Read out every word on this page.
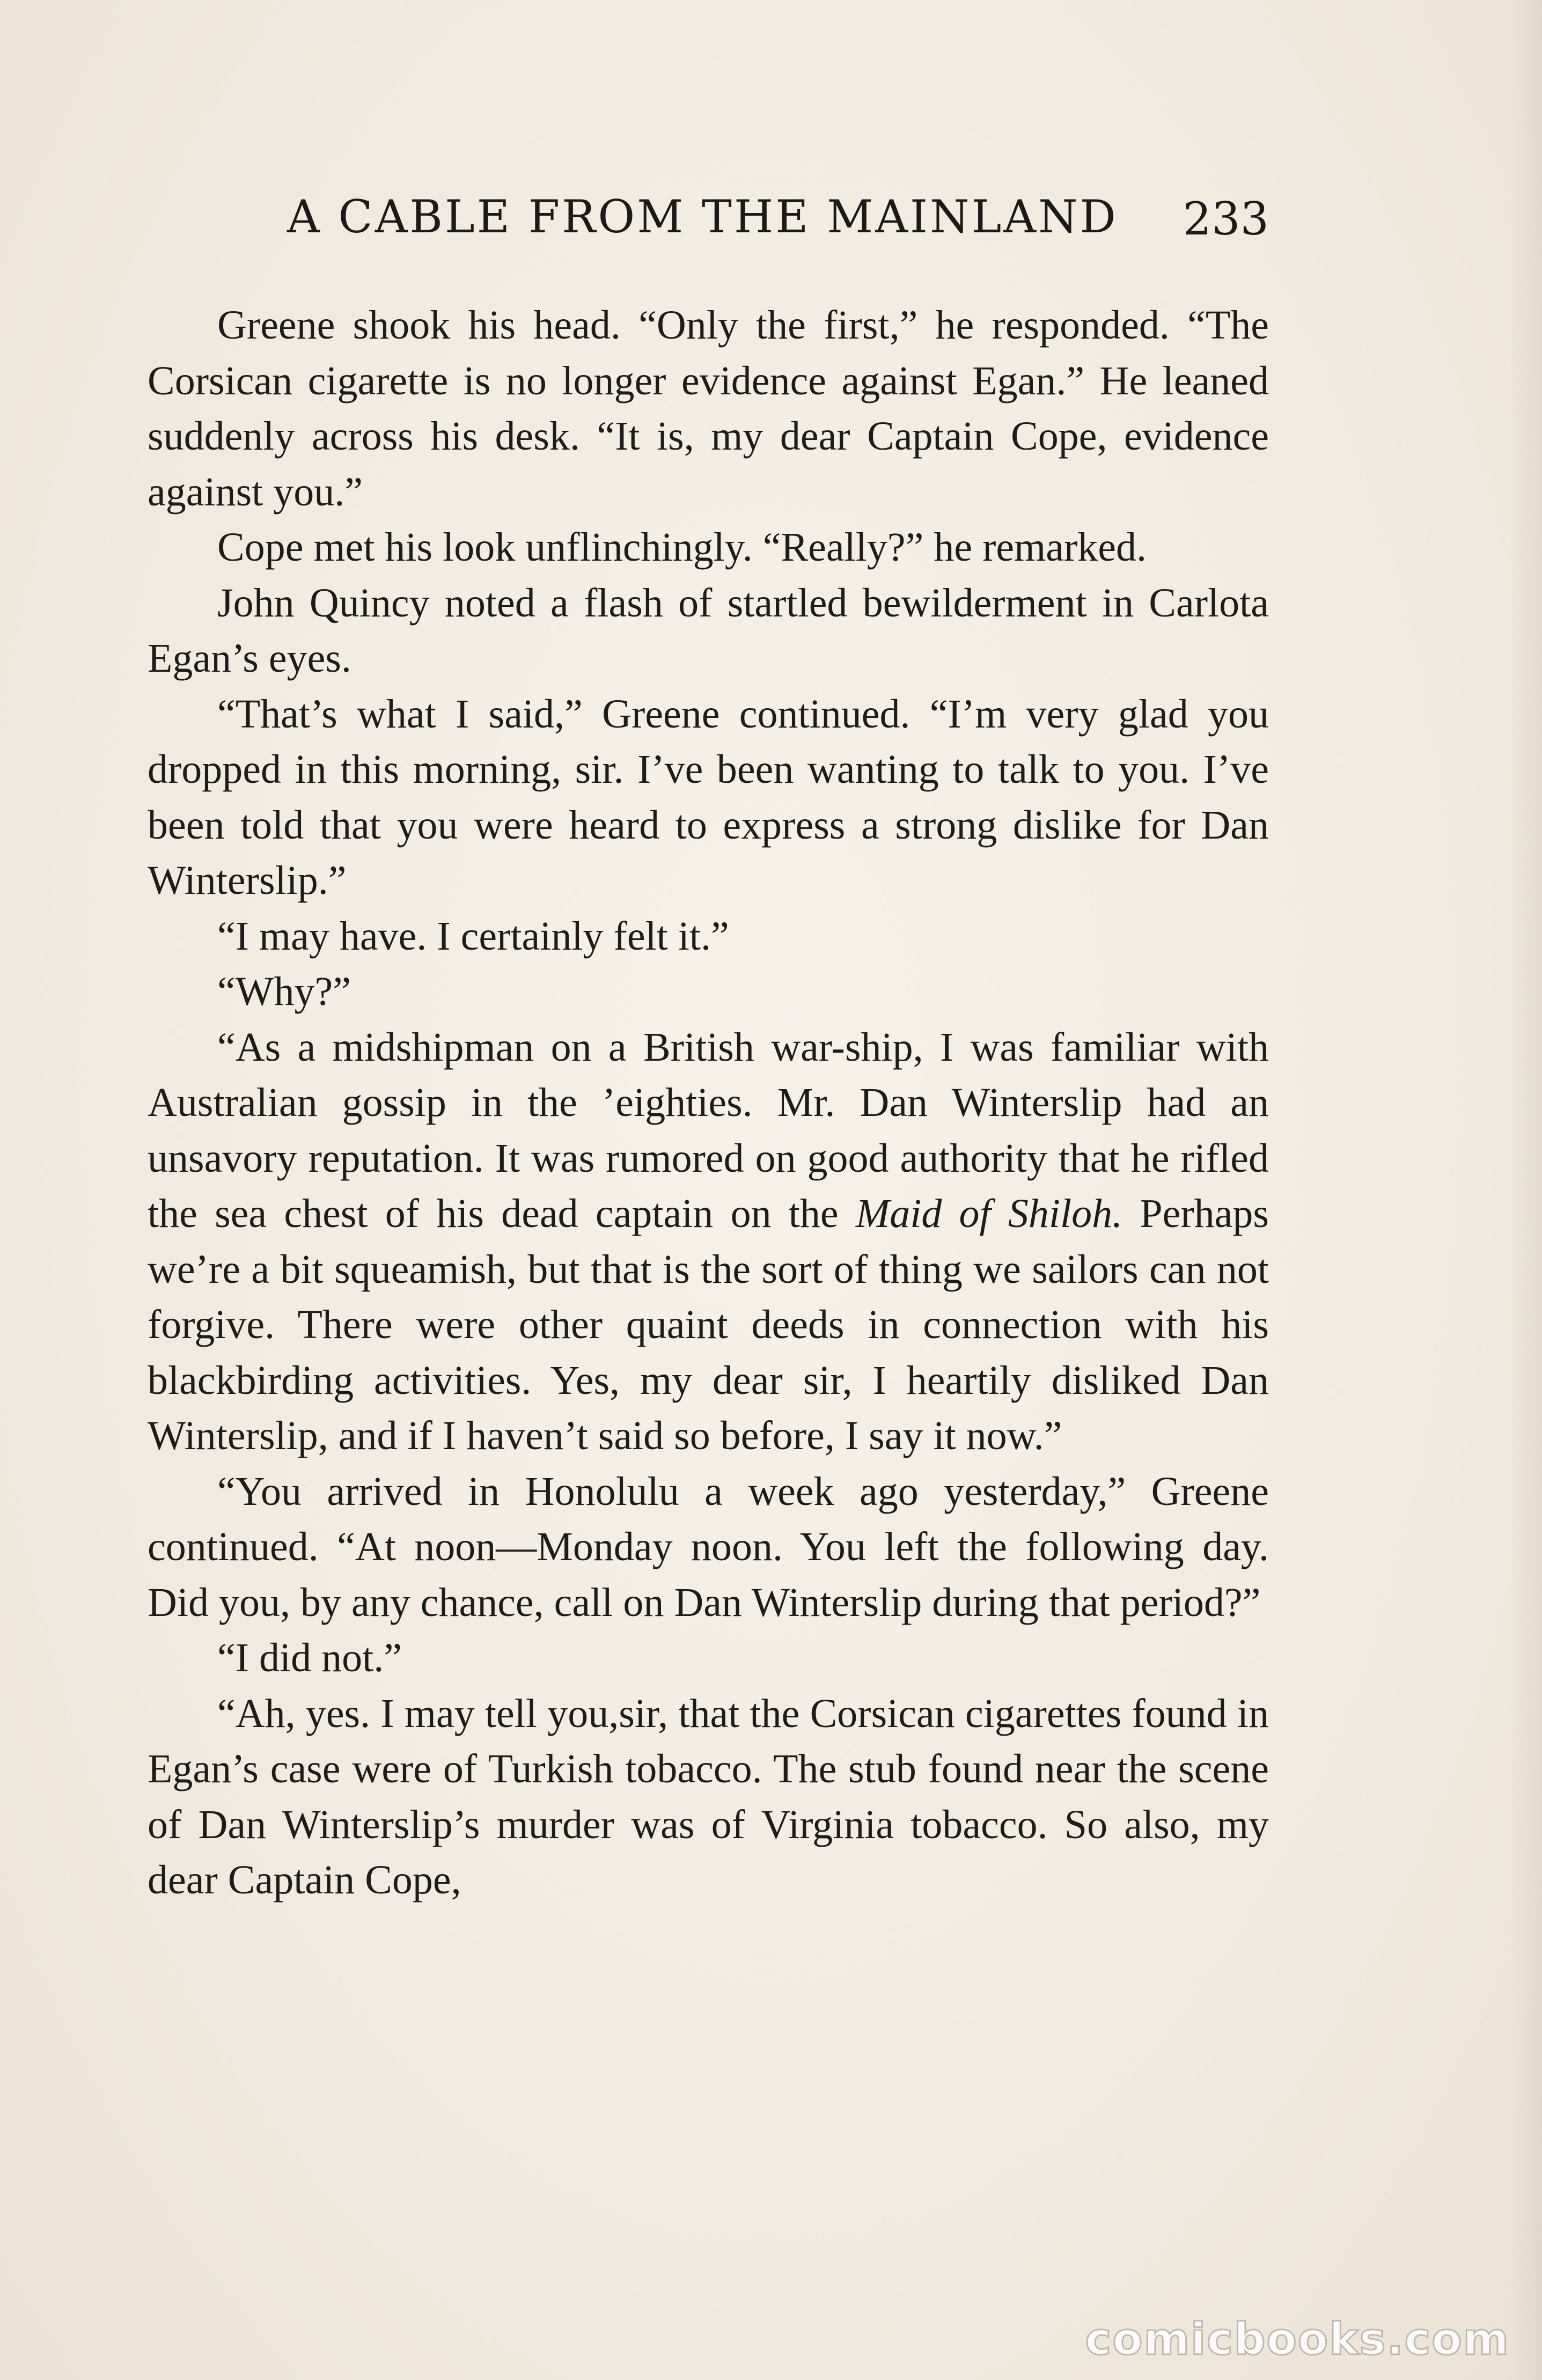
A CABLE FROM THE MAINLAND 233

Greene shook his head. “Only the first,” he responded. “The Corsican cigarette is no longer evidence against Egan.” He leaned suddenly across his desk. “It is, my dear Captain Cope, evidence against you.”

Cope met his look unflinchingly. “Really?” he remarked.

John Quincy noted a flash of startled bewilderment in Carlota Egan’s eyes.

“That’s what I said,” Greene continued. “I’m very glad you dropped in this morning, sir. I’ve been wanting to talk to you. I’ve been told that you were heard to express a strong dislike for Dan Winterslip.”

“I may have. I certainly felt it.”

“Why?”

“As a midshipman on a British war-ship, I was familiar with Australian gossip in the ’eighties. Mr. Dan Winterslip had an unsavory reputation. It was rumored on good authority that he rifled the sea chest of his dead captain on the Maid of Shiloh. Perhaps we’re a bit squeamish, but that is the sort of thing we sailors can not forgive. There were other quaint deeds in connection with his blackbirding activities. Yes, my dear sir, I heartily disliked Dan Winterslip, and if I haven’t said so before, I say it now.”

“You arrived in Honolulu a week ago yesterday,” Greene continued. “At noon—Monday noon. You left the following day. Did you, by any chance, call on Dan Winterslip during that period?”

“I did not.”

“Ah, yes. I may tell you,sir, that the Corsican cigarettes found in Egan’s case were of Turkish tobacco. The stub found near the scene of Dan Winterslip’s murder was of Virginia tobacco. So also, my dear Captain Cope,

comicbooks.com
